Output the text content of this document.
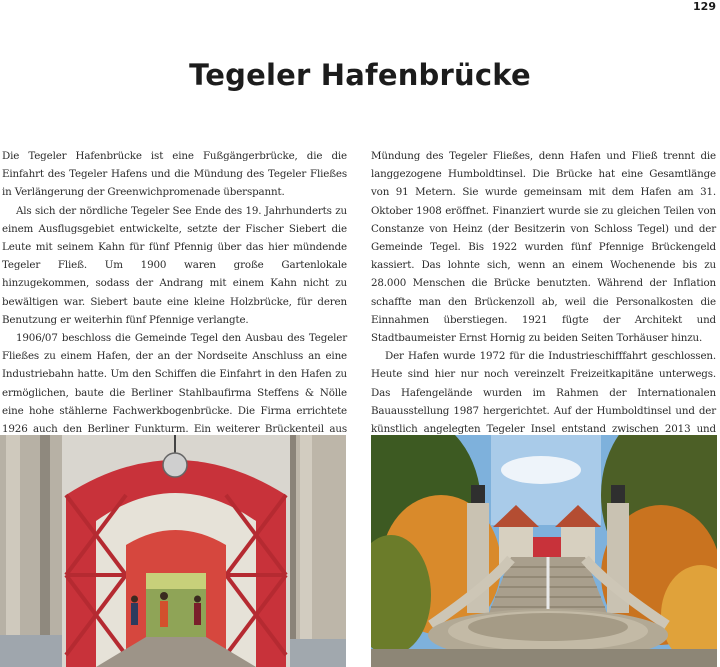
129
Tegeler Hafenbrücke

Die Tegeler Hafenbrücke ist eine Fußgängerbrücke, die die Einfahrt des Tegeler Hafens und die Mündung des Tegeler Fließes in Verlängerung der Greenwichpromenade überspannt.

Als sich der nördliche Tegeler See Ende des 19. Jahrhunderts zu einem Ausflugsgebiet entwickelte, setzte der Fischer Siebert die Leute mit seinem Kahn für fünf Pfennig über das hier mündende Tegeler Fließ. Um 1900 waren große Gartenlokale hinzugekommen, sodass der Andrang mit einem Kahn nicht zu bewältigen war. Siebert baute eine kleine Holzbrücke, für deren Benutzung er weiterhin fünf Pfennige verlangte.

1906/07 beschloss die Gemeinde Tegel den Ausbau des Tegeler Fließes zu einem Hafen, der an der Nordseite Anschluss an eine Industriebahn hatte. Um den Schiffen die Einfahrt in den Hafen zu ermöglichen, baute die Berliner Stahlbaufirma Steffens & Nölle eine hohe stählerne Fachwerkbogenbrücke. Die Firma errichtete 1926 auch den Berliner Funkturm. Ein weiterer Brückenteil aus

Mündung des Tegeler Fließes, denn Hafen und Fließ trennt die langgezogene Humboldtinsel. Die Brücke hat eine Gesamtlänge von 91 Metern. Sie wurde gemeinsam mit dem Hafen am 31. Oktober 1908 eröffnet. Finanziert wurde sie zu gleichen Teilen von Constanze von Heinz (der Besitzerin von Schloss Tegel) und der Gemeinde Tegel. Bis 1922 wurden fünf Pfennige Brückengeld kassiert. Das lohnte sich, wenn an einem Wochenende bis zu 28.000 Menschen die Brücke benutzten. Während der Inflation schaffte man den Brückenzoll ab, weil die Personalkosten die Einnahmen überstiegen. 1921 fügte der Architekt und Stadtbaumeister Ernst Hornig zu beiden Seiten Torhäuser hinzu.

Der Hafen wurde 1972 für die Industrieschifffahrt geschlossen. Heute sind hier nur noch vereinzelt Freizeitkapitäne unterwegs. Das Hafengelände wurden im Rahmen der Internationalen Bauausstellung 1987 hergerichtet. Auf der Humboldtinsel und der künstlich angelegten Tegeler Insel entstand zwischen 2013 und
